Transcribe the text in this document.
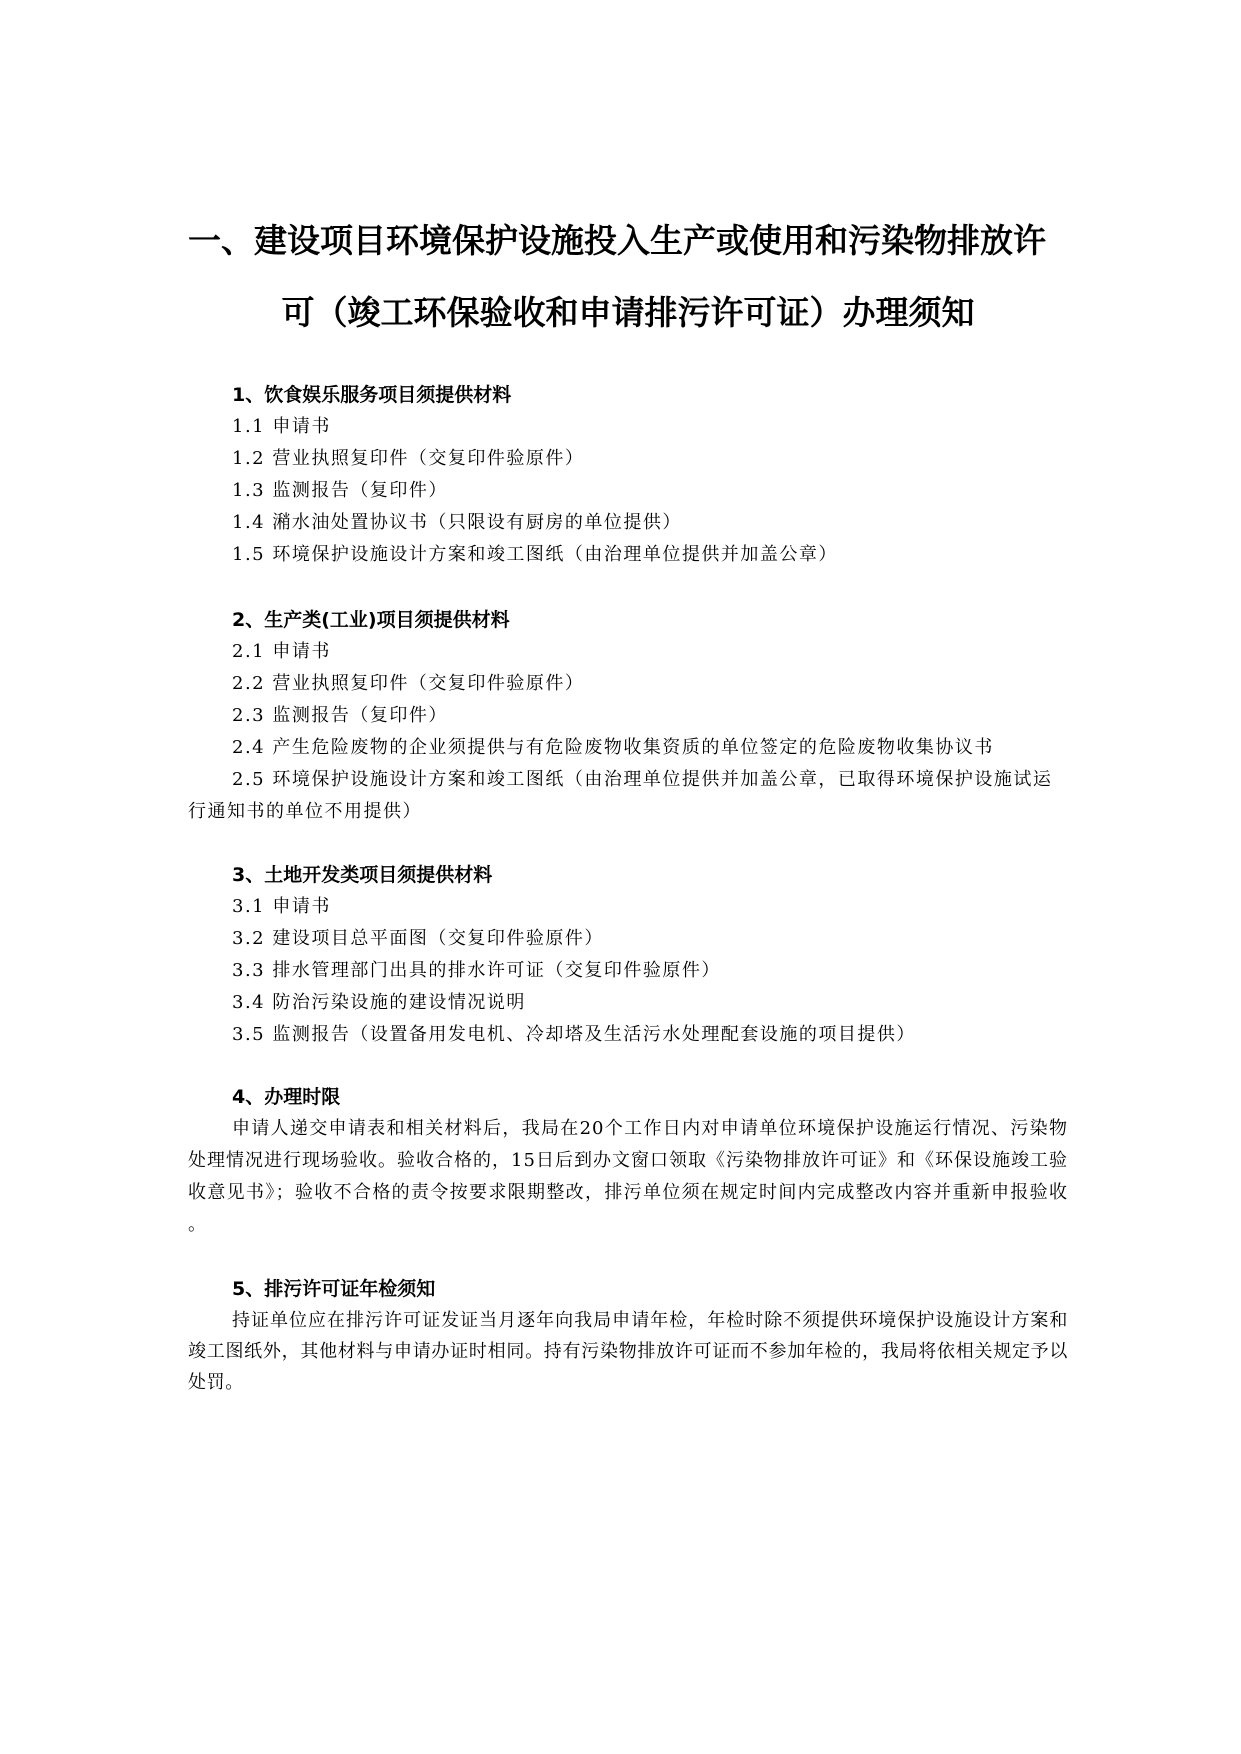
一、建设项目环境保护设施投入生产或使用和污染物排放许
可（竣工环保验收和申请排污许可证）办理须知

1、饮食娱乐服务项目须提供材料

1.1 申请书

1.2 营业执照复印件（交复印件验原件）

1.3 监测报告（复印件）

1.4 潲水油处置协议书（只限设有厨房的单位提供）

1.5 环境保护设施设计方案和竣工图纸（由治理单位提供并加盖公章）

2、生产类(工业)项目须提供材料

2.1 申请书

2.2 营业执照复印件（交复印件验原件）

2.3 监测报告（复印件）

2.4 产生危险废物的企业须提供与有危险废物收集资质的单位签定的危险废物收集协议书

2.5 环境保护设施设计方案和竣工图纸（由治理单位提供并加盖公章，已取得环境保护设施试运行通知书的单位不用提供）

3、土地开发类项目须提供材料

3.1 申请书

3.2 建设项目总平面图（交复印件验原件）

3.3 排水管理部门出具的排水许可证（交复印件验原件）

3.4 防治污染设施的建设情况说明

3.5 监测报告（设置备用发电机、冷却塔及生活污水处理配套设施的项目提供）

4、办理时限

申请人递交申请表和相关材料后，我局在20个工作日内对申请单位环境保护设施运行情况、污染物处理情况进行现场验收。验收合格的，15日后到办文窗口领取《污染物排放许可证》和《环保设施竣工验收意见书》；验收不合格的责令按要求限期整改，排污单位须在规定时间内完成整改内容并重新申报验收 。

5、排污许可证年检须知

持证单位应在排污许可证发证当月逐年向我局申请年检，年检时除不须提供环境保护设施设计方案和竣工图纸外，其他材料与申请办证时相同。持有污染物排放许可证而不参加年检的，我局将依相关规定予以处罚。
